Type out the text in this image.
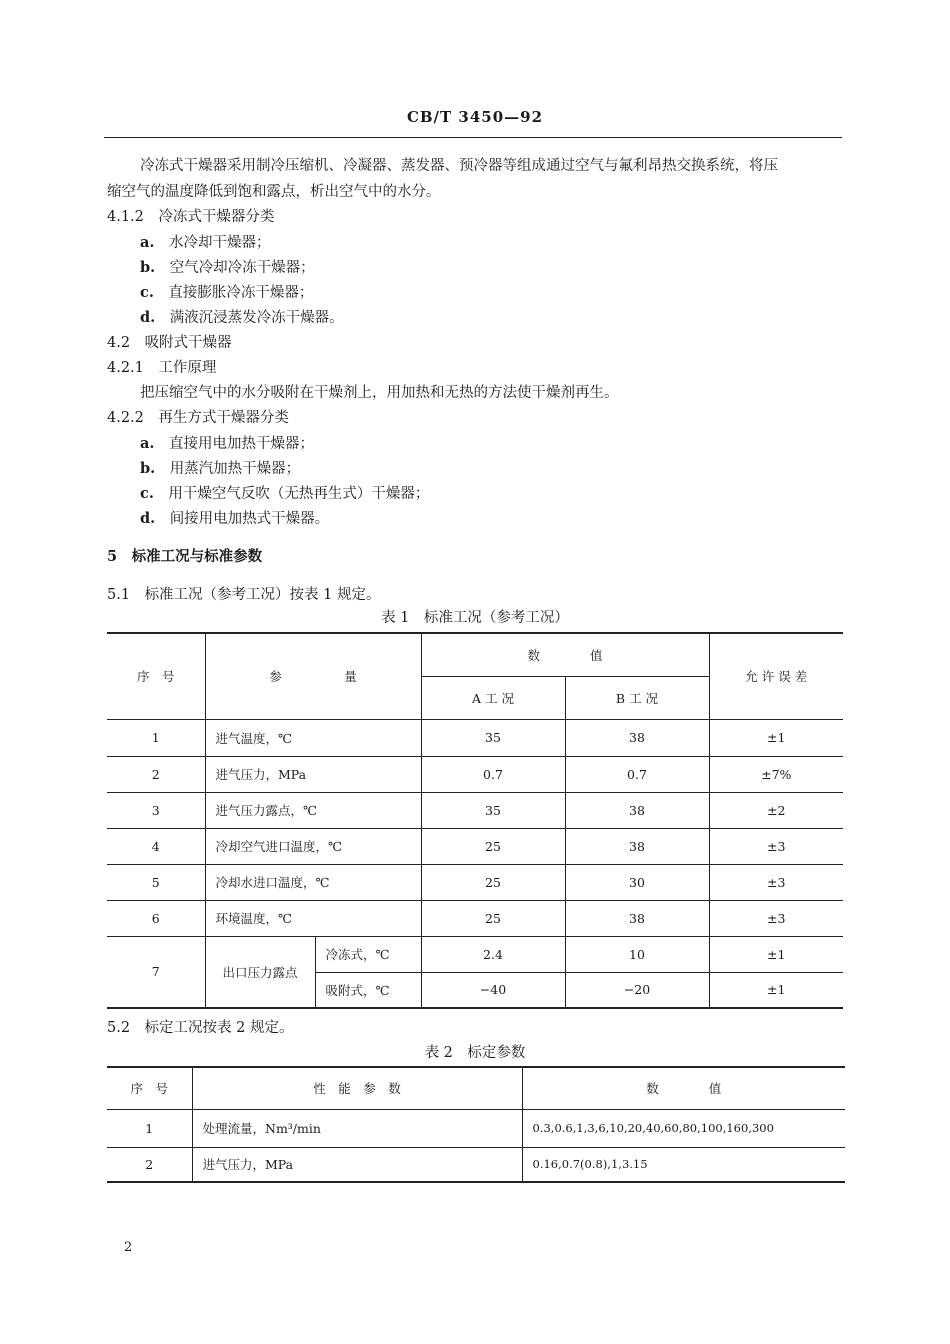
CB/T 3450—92
冷冻式干燥器采用制冷压缩机、冷凝器、蒸发器、预冷器等组成通过空气与氟利昂热交换系统，将压
缩空气的温度降低到饱和露点，析出空气中的水分。
4.1.2　 冷冻式干燥器分类
a.　 水冷却干燥器；
b.　 空气冷却冷冻干燥器；
c.　 直接膨胀冷冻干燥器；
d.　 满液沉浸蒸发冷冻干燥器。
4.2　 吸附式干燥器
4.2.1　 工作原理
把压缩空气中的水分吸附在干燥剂上，用加热和无热的方法使干燥剂再生。
4.2.2　 再生方式干燥器分类
a.　 直接用电加热干燥器；
b.　 用蒸汽加热干燥器；
c.　 用干燥空气反吹（无热再生式）干燥器；
d.　 间接用电加热式干燥器。
5　 标准工况与标准参数
5.1　 标准工况（参考工况）按表 1 规定。
表 1　标准工况（参考工况）
序　号	参　　　　　量		数　　　　值		允 许 误 差
			A 工 况	B 工 况	
1	进气温度，℃		35	38	±1
2	进气压力，MPa		0.7	0.7	±7%
3	进气压力露点，℃		35	38	±2
4	冷却空气进口温度，℃		25	38	±3
5	冷却水进口温度，℃		25	30	±3
6	环境温度，℃		25	38	±3
7	出口压力露点	冷冻式，℃	2.4	10	±1
		吸附式，℃	−40	−20	±1
5.2　 标定工况按表 2 规定。
表 2　标定参数
序　号	性　能　参　数	数　　　　值
1	处理流量，Nm³/min	0.3,0.6,1,3,6,10,20,40,60,80,100,160,300
2	进气压力，MPa	0.16,0.7(0.8),1,3.15
2
